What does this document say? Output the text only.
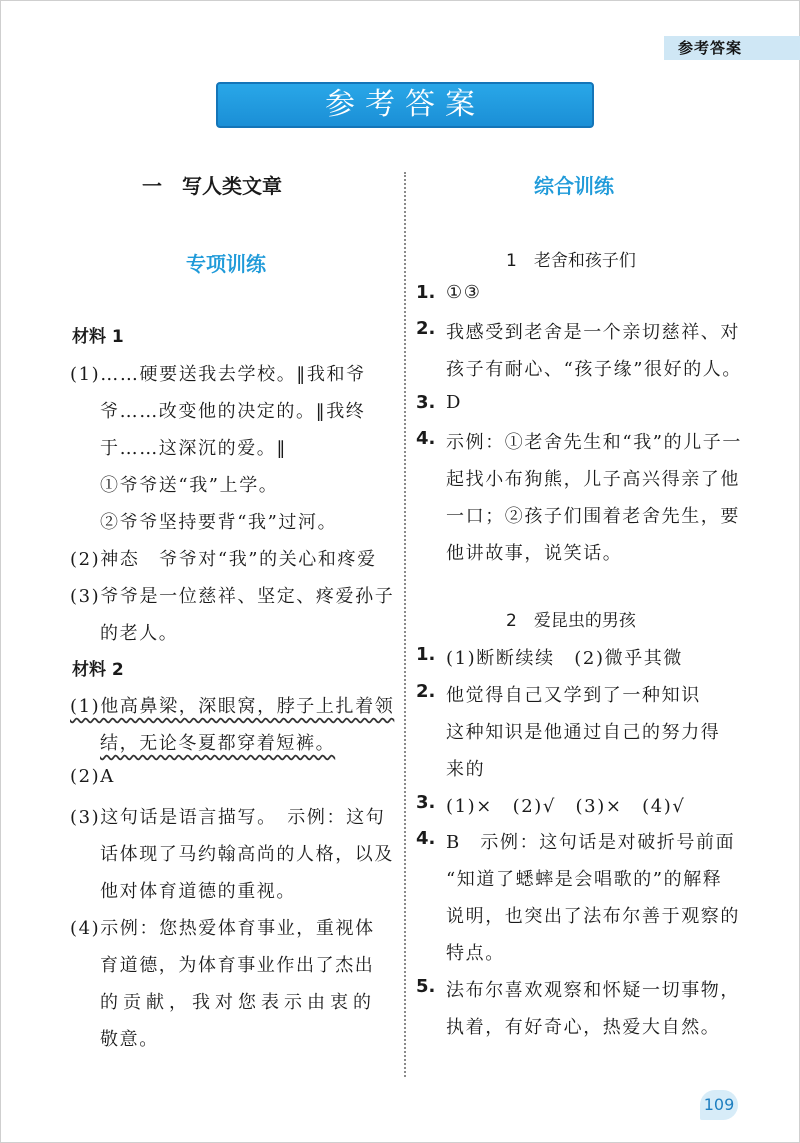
参考答案
参考答案
一　写人类文章
专项训练
材料 1
(1)……硬要送我去学校。‖我和爷
爷……改变他的决定的。‖我终
于……这深沉的爱。‖
①爷爷送“我”上学。
②爷爷坚持要背“我”过河。
(2)神态　爷爷对“我”的关心和疼爱
(3)爷爷是一位慈祥、坚定、疼爱孙子
的老人。
材料 2
(1)他高鼻梁，深眼窝，脖子上扎着领
结，无论冬夏都穿着短裤。
(2)A
(3)这句话是语言描写。　示例：这句
话体现了马约翰高尚的人格，以及
他对体育道德的重视。
(4)示例：您热爱体育事业，重视体
育道德，为体育事业作出了杰出
的贡献，我对您表示由衷的
敬意。
综合训练
1　老舍和孩子们
1. ①③
2. 我感受到老舍是一个亲切慈祥、对
孩子有耐心、“孩子缘”很好的人。
3. D
4. 示例：①老舍先生和“我”的儿子一
起找小布狗熊，儿子高兴得亲了他
一口；②孩子们围着老舍先生，要
他讲故事，说笑话。
2　爱昆虫的男孩
1. (1)断断续续　(2)微乎其微
2. 他觉得自己又学到了一种知识
这种知识是他通过自己的努力得
来的
3. (1)×　(2)√　(3)×　(4)√
4. B　示例：这句话是对破折号前面
“知道了蟋蟀是会唱歌的”的解释
说明，也突出了法布尔善于观察的
特点。
5. 法布尔喜欢观察和怀疑一切事物，
执着，有好奇心，热爱大自然。
109
